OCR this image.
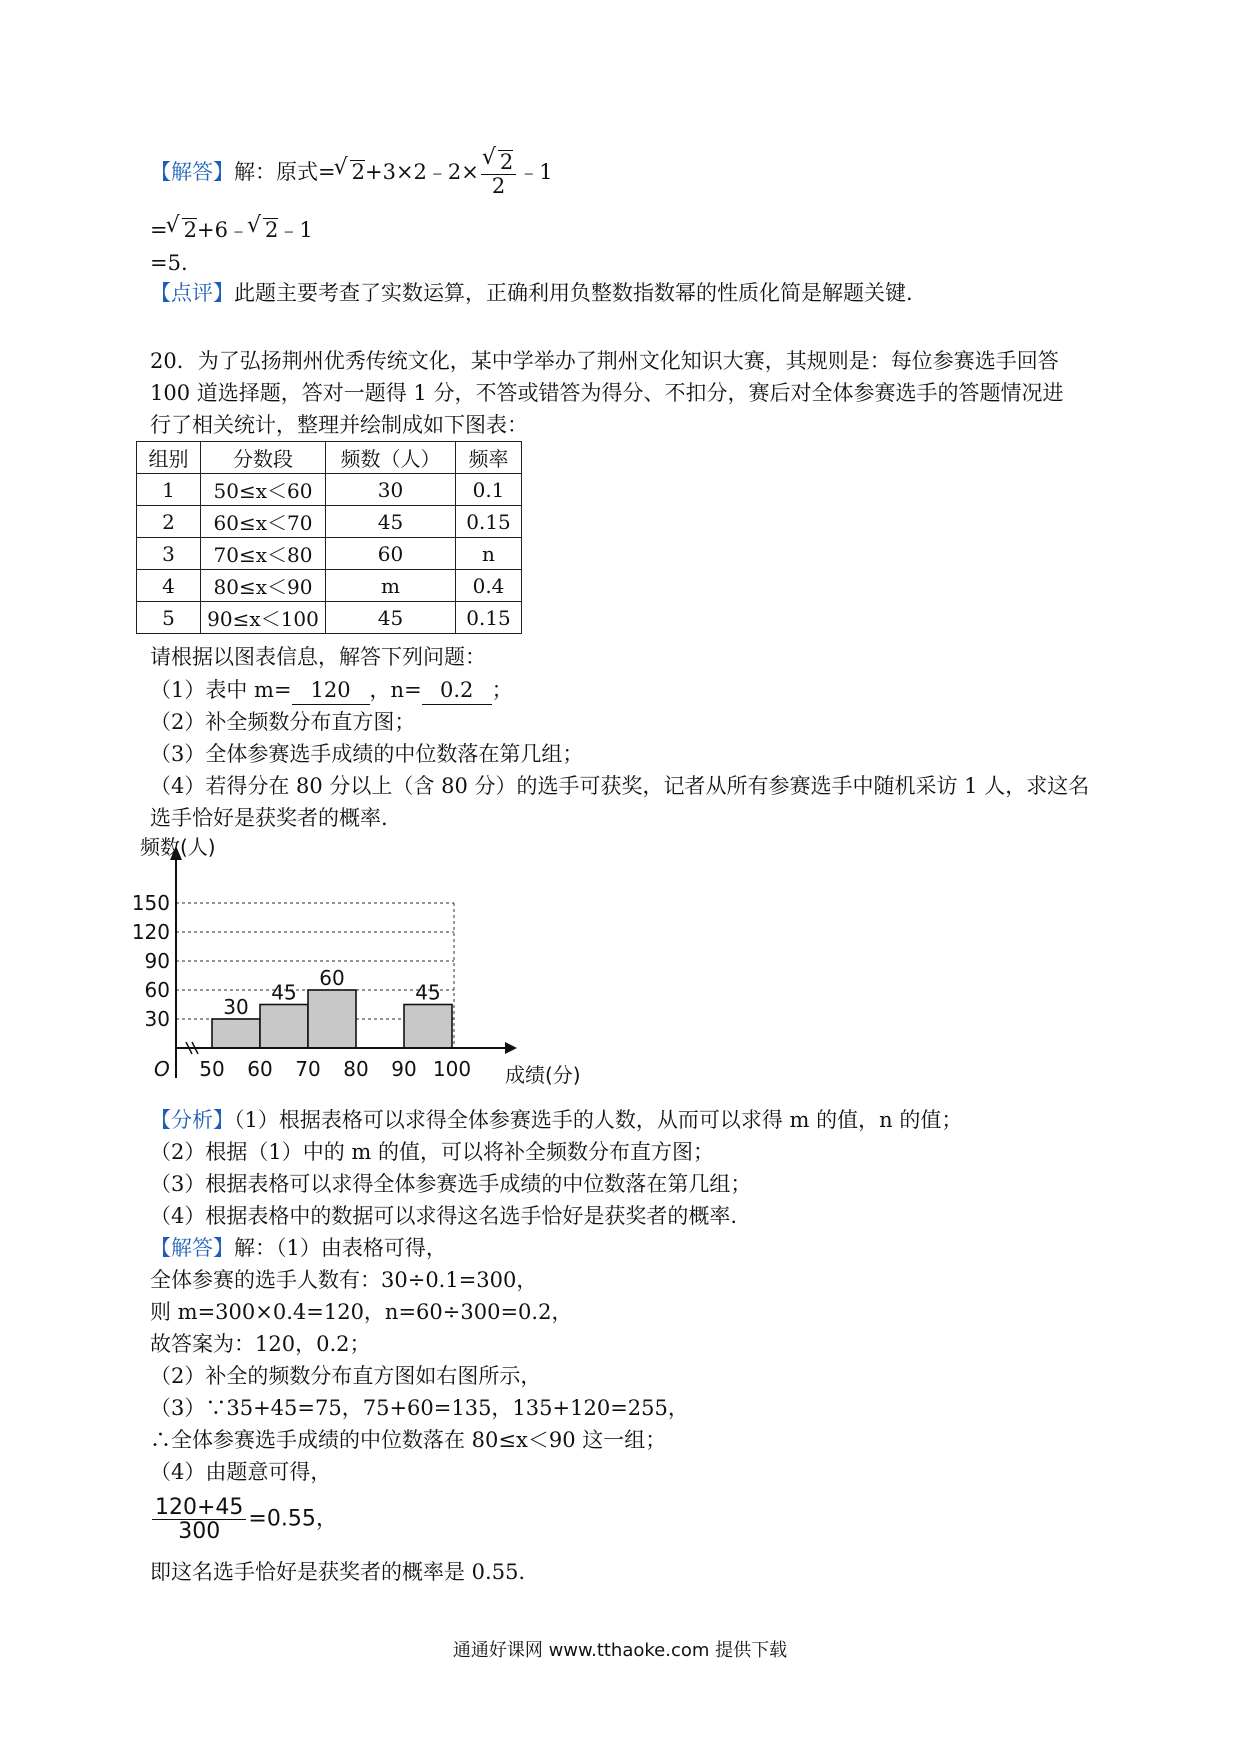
【解答】解：原式= √ 2+3×2﹣2× √ $\frac{2}{2}$ ﹣1
= √ 2+6﹣ √ 2﹣1
=5.
【点评】此题主要考查了实数运算，正确利用负整数指数幂的性质化简是解题关键.
20．为了弘扬荆州优秀传统文化，某中学举办了荆州文化知识大赛，其规则是：每位参赛选手回答
100 道选择题，答对一题得 1 分，不答或错答为得分、不扣分，赛后对全体参赛选手的答题情况进
行了相关统计，整理并绘制成如下图表：
组别	分数段	频数（人）	频率
1	50≤x＜60	30	0.1
2	60≤x＜70	45	0.15
3	70≤x＜80	60	n
4	80≤x＜90	m	0.4
5	90≤x＜100	45	0.15
请根据以图表信息，解答下列问题：
（1）表中 m= 120 ，n= 0.2 ；
（2）补全频数分布直方图；
（3）全体参赛选手成绩的中位数落在第几组；
（4）若得分在 80 分以上（含 80 分）的选手可获奖，记者从所有参赛选手中随机采访 1 人，求这名
选手恰好是获奖者的概率.
30
60
90
120
150
30
45
60
45
50 60 70 80 90 100
O
频数(人)
成绩(分)
【分析】（1）根据表格可以求得全体参赛选手的人数，从而可以求得 m 的值，n 的值；
（2）根据（1）中的 m 的值，可以将补全频数分布直方图；
（3）根据表格可以求得全体参赛选手成绩的中位数落在第几组；
（4）根据表格中的数据可以求得这名选手恰好是获奖者的概率.
【解答】解：（1）由表格可得，
全体参赛的选手人数有：30÷0.1=300，
则 m=300×0.4=120，n=60÷300=0.2，
故答案为：120，0.2；
（2）补全的频数分布直方图如右图所示，
（3）∵35+45=75，75+60=135，135+120=255，
∴全体参赛选手成绩的中位数落在 80≤x＜90 这一组；
（4）由题意可得，
$\frac{120+45}{300} =0.55$，
即这名选手恰好是获奖者的概率是 0.55.
通通好课网 www.tthaoke.com 提供下载
